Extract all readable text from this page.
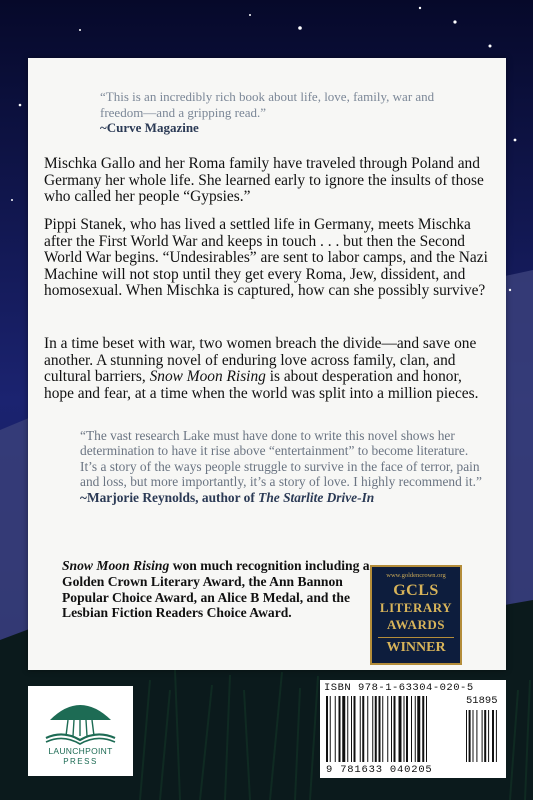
“This is an incredibly rich book about life, love, family, war and freedom—and a gripping read.”
~Curve Magazine

Mischka Gallo and her Roma family have traveled through Poland and Germany her whole life. She learned early to ignore the insults of those who called her people “Gypsies.”

Pippi Stanek, who has lived a settled life in Germany, meets Mischka after the First World War and keeps in touch . . . but then the Second World War begins. “Undesirables” are sent to labor camps, and the Nazi Machine will not stop until they get every Roma, Jew, dissident, and homosexual. When Mischka is captured, how can she possibly survive?

In a time beset with war, two women breach the divide—and save one another. A stunning novel of enduring love across family, clan, and cultural barriers, Snow Moon Rising is about desperation and honor, hope and fear, at a time when the world was split into a million pieces.

“The vast research Lake must have done to write this novel shows her determination to have it rise above “entertainment” to become literature. It’s a story of the ways people struggle to survive in the face of terror, pain and loss, but more importantly, it’s a story of love. I highly recommend it.”
~Marjorie Reynolds, author of The Starlite Drive-In

Snow Moon Rising won much recognition including a Golden Crown Literary Award, the Ann Bannon Popular Choice Award, an Alice B Medal, and the Lesbian Fiction Readers Choice Award.

www.goldencrown.org
GCLS
LITERARY
AWARDS
WINNER
LAUNCHPOINT
PRESS
ISBN 978-1-63304-020-5
51895
9 781633 040205
